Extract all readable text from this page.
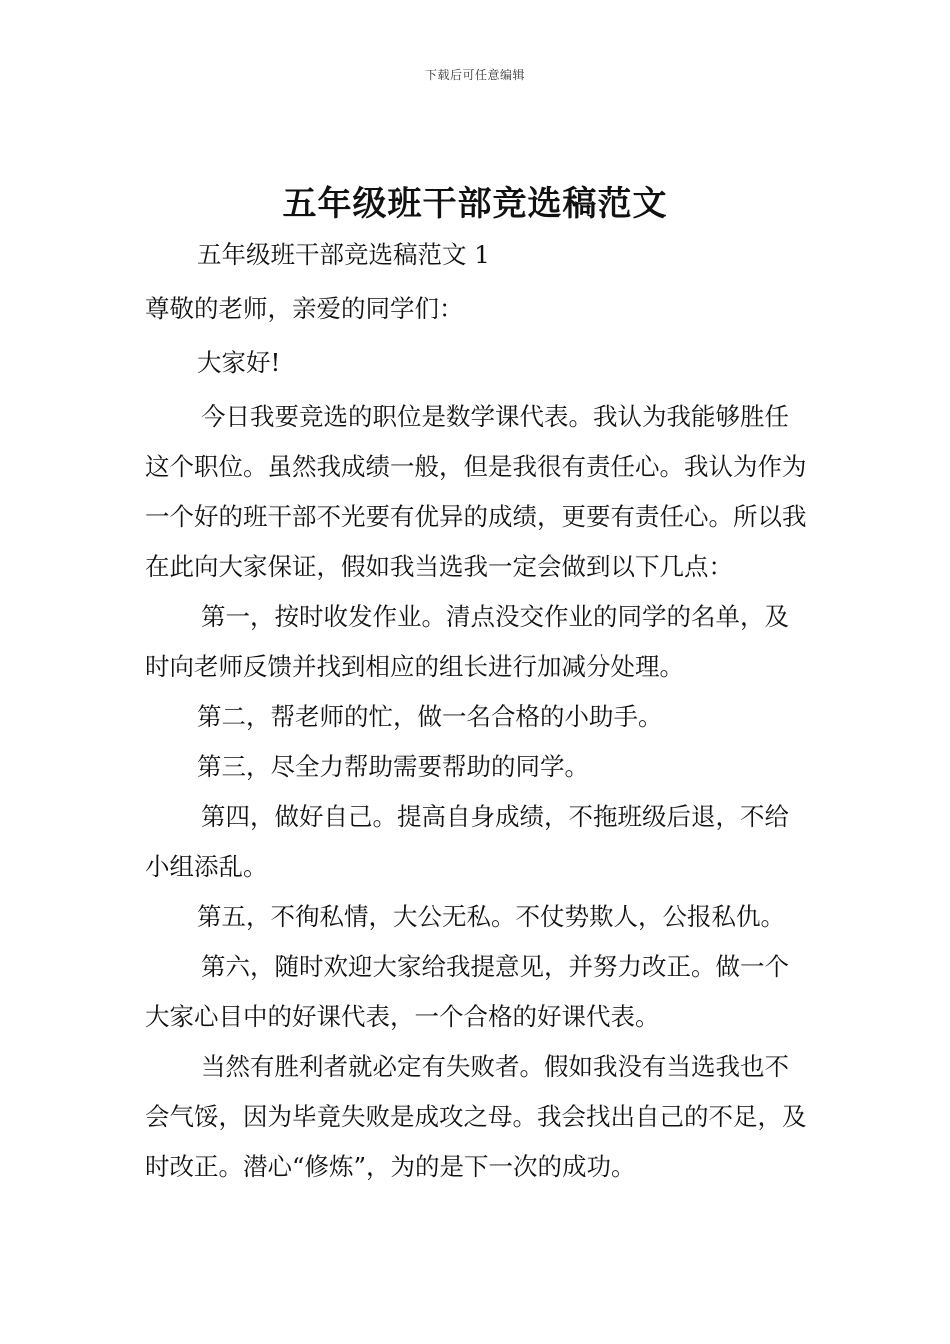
下载后可任意编辑
五年级班干部竞选稿范文

五年级班干部竞选稿范文 1

尊敬的老师，亲爱的同学们：

大家好!

今日我要竞选的职位是数学课代表。我认为我能够胜任这个职位。虽然我成绩一般，但是我很有责任心。我认为作为一个好的班干部不光要有优异的成绩，更要有责任心。所以我在此向大家保证，假如我当选我一定会做到以下几点：

第一，按时收发作业。清点没交作业的同学的名单，及时向老师反馈并找到相应的组长进行加减分处理。

第二，帮老师的忙，做一名合格的小助手。

第三，尽全力帮助需要帮助的同学。

第四，做好自己。提高自身成绩，不拖班级后退，不给小组添乱。

第五，不徇私情，大公无私。不仗势欺人，公报私仇。

第六，随时欢迎大家给我提意见，并努力改正。做一个大家心目中的好课代表，一个合格的好课代表。

当然有胜利者就必定有失败者。假如我没有当选我也不会气馁，因为毕竟失败是成攻之母。我会找出自己的不足，及时改正。潜心“修炼”，为的是下一次的成功。
